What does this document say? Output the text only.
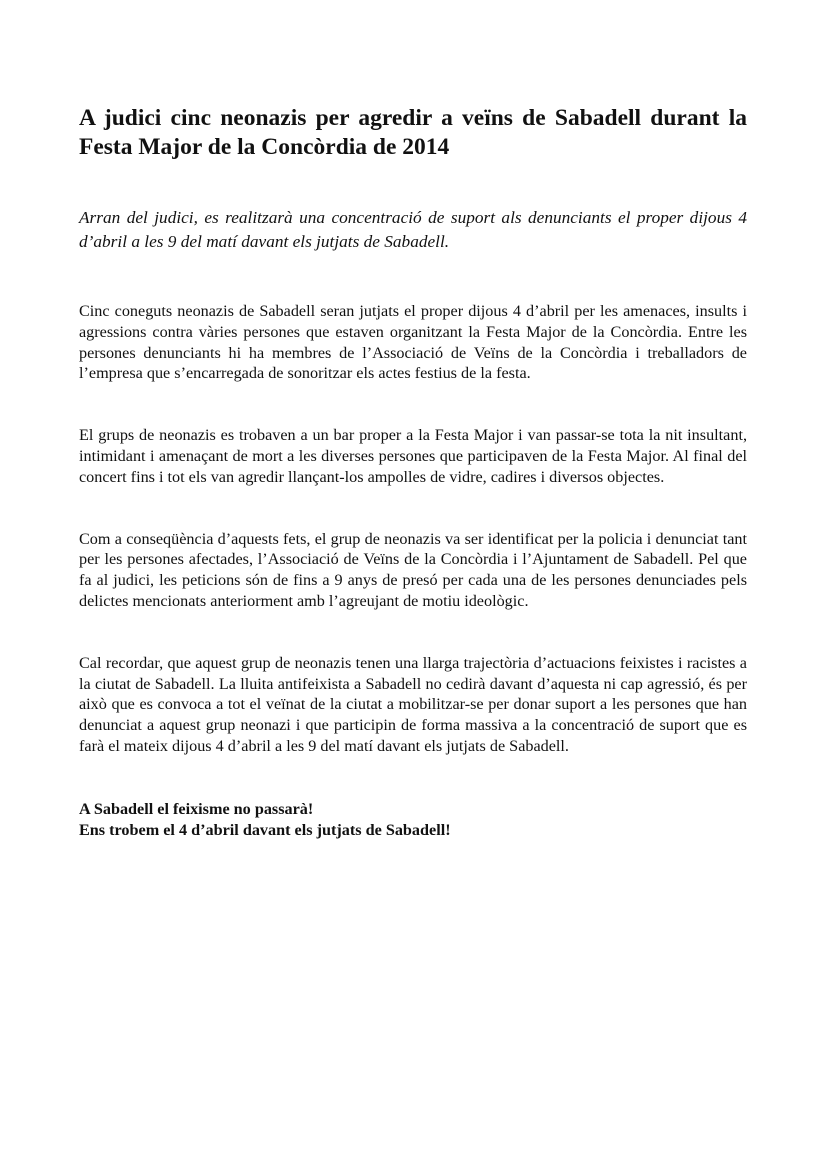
A judici cinc neonazis per agredir a veïns de Sabadell durant la Festa Major de la Concòrdia de 2014

Arran del judici, es realitzarà una concentració de suport als denunciants el proper dijous 4 d’abril a les 9 del matí davant els jutjats de Sabadell.

Cinc coneguts neonazis de Sabadell seran jutjats el proper dijous 4 d’abril per les amenaces, insults i agressions contra vàries persones que estaven organitzant la Festa Major de la Concòrdia. Entre les persones denunciants hi ha membres de l’Associació de Veïns de la Concòrdia i treballadors de l’empresa que s’encarregada de sonoritzar els actes festius de la festa.

El grups de neonazis es trobaven a un bar proper a la Festa Major i van passar-se tota la nit insultant, intimidant i amenaçant de mort a les diverses persones que participaven de la Festa Major. Al final del concert fins i tot els van agredir llançant-los ampolles de vidre, cadires i diversos objectes.

Com a conseqüència d’aquests fets, el grup de neonazis va ser identificat per la policia i denunciat tant per les persones afectades, l’Associació de Veïns de la Concòrdia i l’Ajuntament de Sabadell. Pel que fa al judici, les peticions són de fins a 9 anys de presó per cada una de les persones denunciades pels delictes mencionats anteriorment amb l’agreujant de motiu ideològic.

Cal recordar, que aquest grup de neonazis tenen una llarga trajectòria d’actuacions feixistes i racistes a la ciutat de Sabadell. La lluita antifeixista a Sabadell no cedirà davant d’aquesta ni cap agressió, és per això que es convoca a tot el veïnat de la ciutat a mobilitzar-se per donar suport a les persones que han denunciat a aquest grup neonazi i que participin de forma massiva a la concentració de suport que es farà el mateix dijous 4 d’abril a les 9 del matí davant els jutjats de Sabadell.

A Sabadell el feixisme no passarà!
Ens trobem el 4 d’abril davant els jutjats de Sabadell!
